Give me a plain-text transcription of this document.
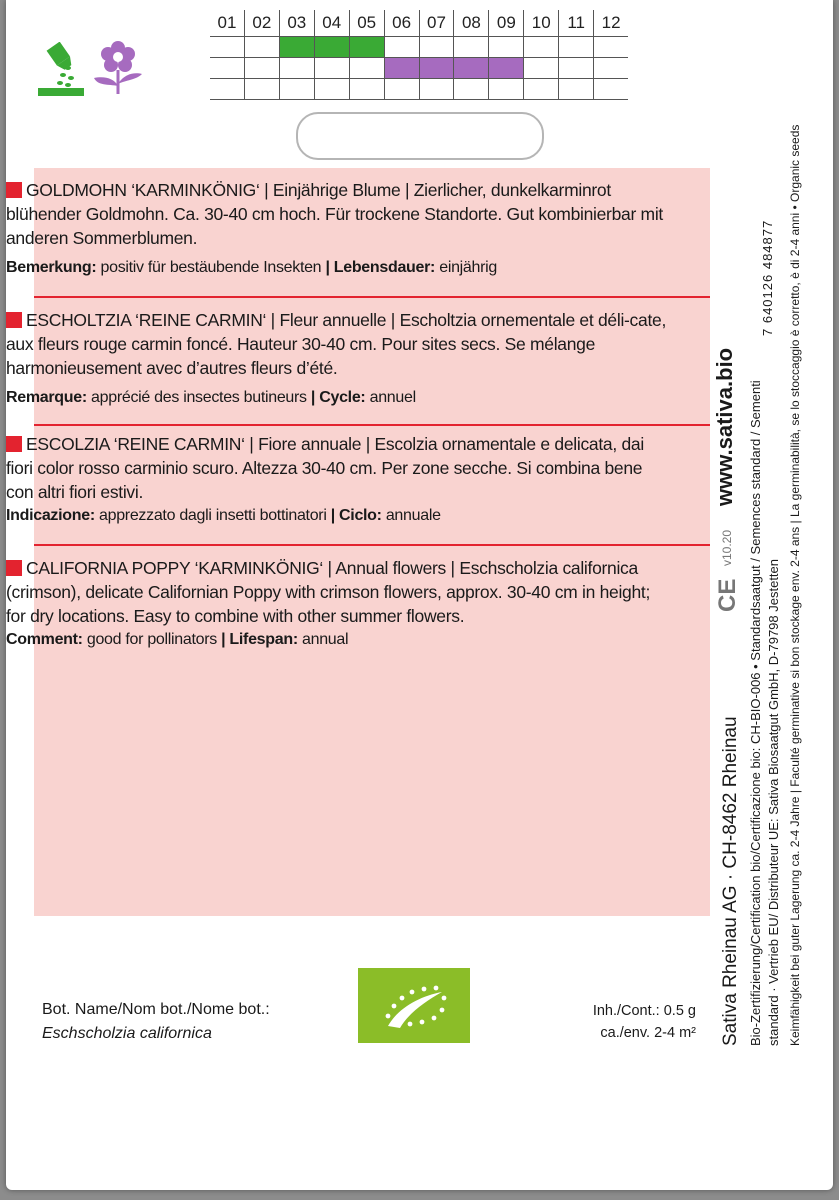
01 02 03 04 05 06 07 08 09 10 11 12
GOLDMOHN ‘KARMINKÖNIG‘ | Einjährige Blume | Zierlicher, dunkelkarminrot blühender Goldmohn. Ca. 30-40 cm hoch. Für trockene Standorte. Gut kombinierbar mit anderen Sommerblumen.
Bemerkung: positiv für bestäubende Insekten | Lebensdauer: einjährig
ESCHOLTZIA ‘REINE CARMIN‘ | Fleur annuelle | Escholtzia ornementale et déli-cate, aux fleurs rouge carmin foncé. Hauteur 30-40 cm. Pour sites secs. Se mélange harmonieusement avec d’autres fleurs d’été.
Remarque: apprécié des insectes butineurs | Cycle: annuel
ESCOLZIA ‘REINE CARMIN‘ | Fiore annuale | Escolzia ornamentale e delicata, dai fiori color rosso carminio scuro. Altezza 30-40 cm. Per zone secche. Si combina bene con altri fiori estivi.
Indicazione: apprezzato dagli insetti bottinatori | Ciclo: annuale
CALIFORNIA POPPY ‘KARMINKÖNIG‘ | Annual flowers | Eschscholzia californica (crimson), delicate Californian Poppy with crimson flowers, approx. 30-40 cm in height; for dry locations. Easy to combine with other summer flowers.
Comment: good for pollinators | Lifespan: annual
Sativa Rheinau AG · CH-8462 Rheinau Bio-Zertifizierung/Certification bio/Certificazione bio: CH-BIO-006 • Standardsaatgut / Semences standard / Sementi standard · Vertrieb EU/ Distributeur UE: Sativa Biosaatgut GmbH, D-79798 Jestetten Keimfähigkeit bei guter Lagerung ca. 2-4 Jahre | Faculté germinative si bon stockage env. 2-4 ans | La germinabilità, se lo stoccaggio è corretto, è di 2-4 anni • Organic seeds
www.sativa.bio
v10.20
CE
7 640126 484877
Bot. Name/Nom bot./Nome bot.:
Eschscholzia californica
Inh./Cont.: 0.5 g
ca./env. 2-4 m²
